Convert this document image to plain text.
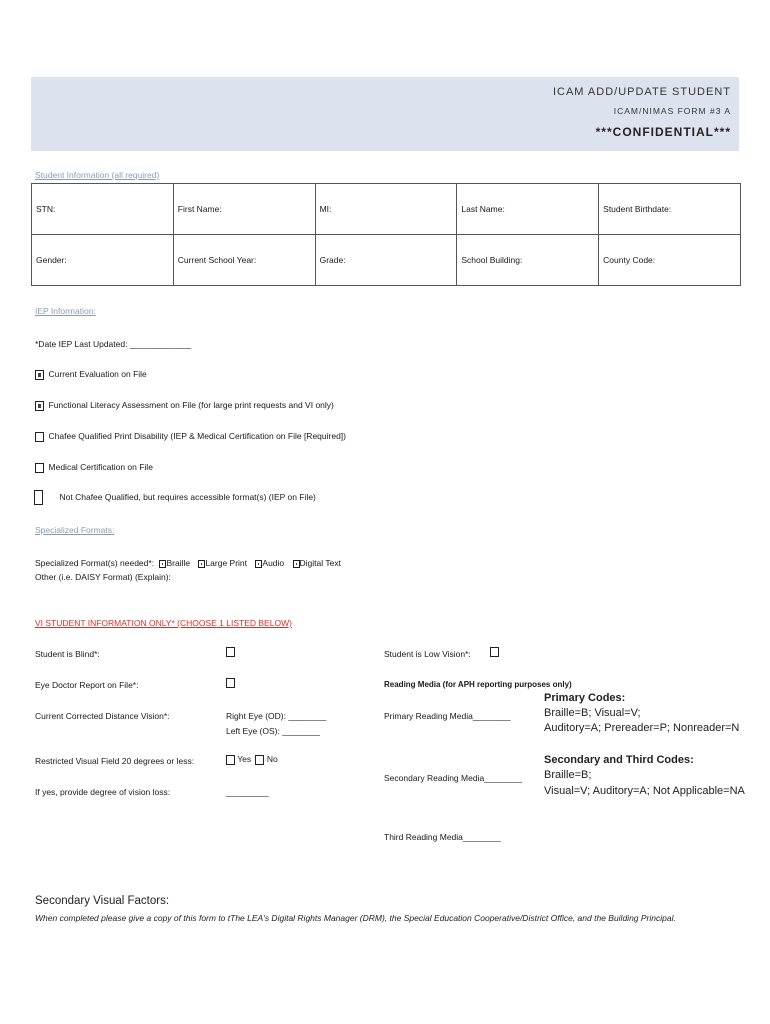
ICAM ADD/UPDATE STUDENT
ICAM/NIMAS FORM #3 A
***CONFIDENTIAL***
Student Information (all required)
STN:	First Name:	MI:	Last Name:	Student Birthdate:
Gender:	Current School Year:	Grade:	School Building:	County Code:
IEP Information:
*Date IEP Last Updated: _____________
Current Evaluation on File
Functional Literacy Assessment on File (for large print requests and VI only)
Chafee Qualified Print Disability (IEP & Medical Certification on File [Required])
Medical Certification on File
Not Chafee Qualified, but requires accessible format(s) (IEP on File)
Specialized Formats:
Specialized Format(s) needed*: Braille Large Print Audio Digital Text
Other (i.e. DAISY Format) (Explain):
VI STUDENT INFORMATION ONLY* (CHOOSE 1 LISTED BELOW)
Student is Blind*:	Student is Low Vision*:
Eye Doctor Report on File*:	Reading Media (for APH reporting purposes only)
Current Corrected Distance Vision*:	Right Eye (OD): ________
Left Eye (OS): ________
Primary Reading Media________
Restricted Visual Field 20 degrees or less:	Yes No
Secondary Reading Media________
If yes, provide degree of vision loss:	_________
Third Reading Media________
Primary Codes:
Braille=B; Visual=V;
Auditory=A; Prereader=P; Nonreader=N
Secondary and Third Codes:
Braille=B;
Visual=V; Auditory=A; Not Applicable=NA
Secondary Visual Factors:
When completed please give a copy of this form to tThe LEA's Digital Rights Manager (DRM), the Special Education Cooperative/District Office, and the Building Principal.
